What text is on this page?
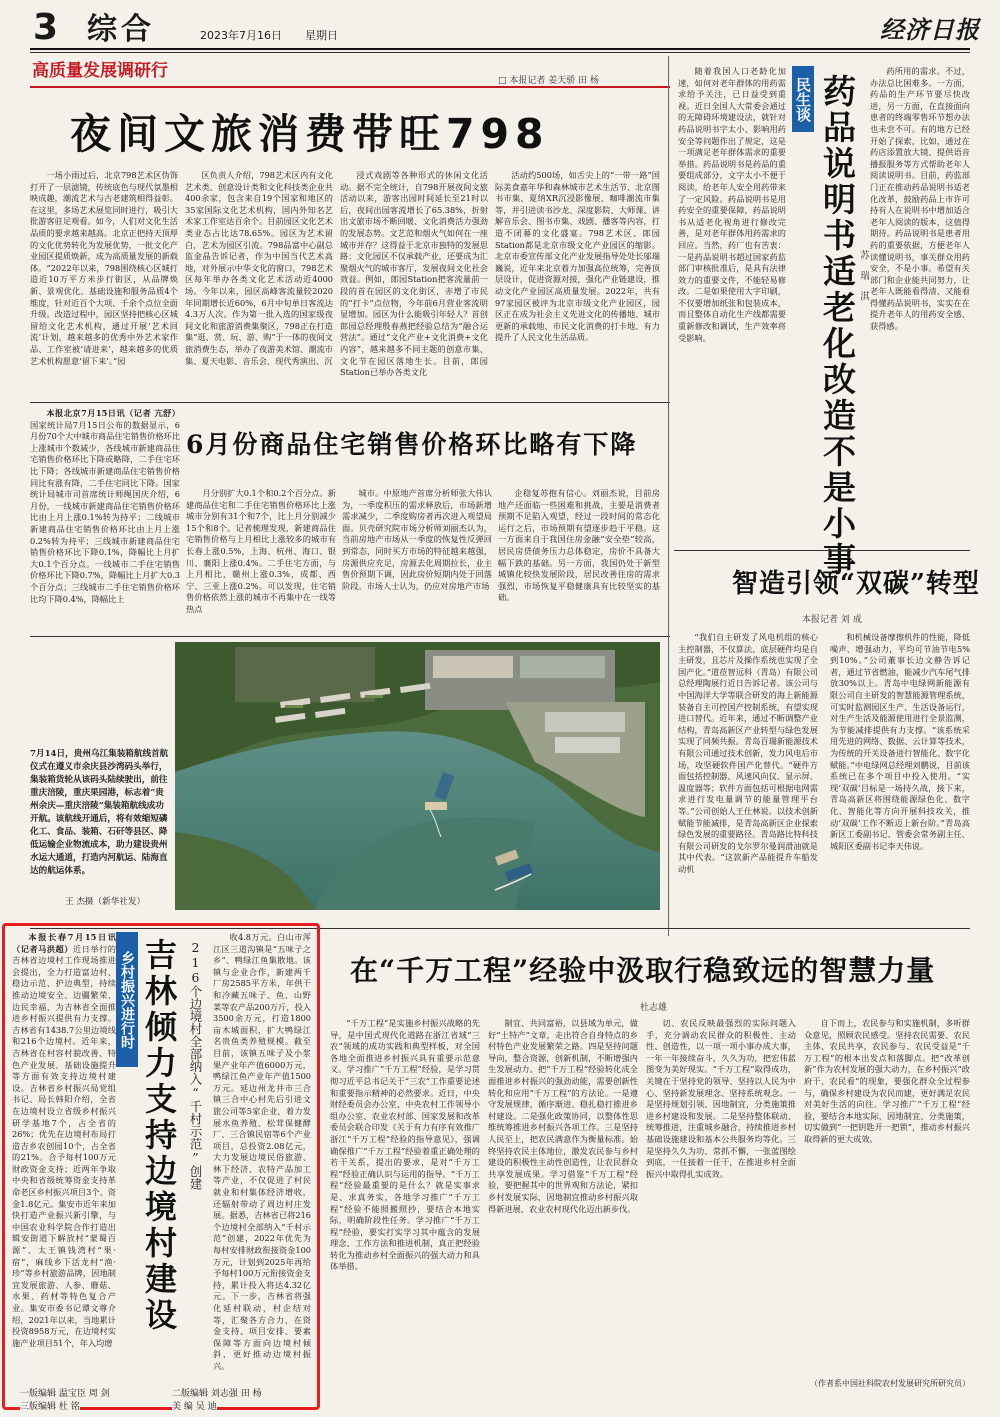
3 综合	2023年7月16日 星期日	经济日报
高质量发展调研行	□ 本报记者 姜天骄 田 杨
夜间文旅消费带旺798

一场小雨过后，北京798艺术区伪饰打开了一层滤镜，传统底色与现代氛墨相映成趣，潮流艺术与古老建筑相得益彰。在这里，多场艺术展览同时进行，吸引大批游客驻足观看。如今，人们对文化生活品质的要求越来越高。北京正把持天顶厚的文化优势转化为发展优势，一批文化产业园区提质焕新，成为高质量发展的新载体。“2022年以来，798围绕核心区城打造近10万平方米步行街区，从品牌焕新、景观优化、基础设施和服务品质4个维度，针对近百个大项、千余个点位全面升级。改造过程中，园区坚持把核心区城留给文化艺术机构，通过开展‘艺术回流’计划，越来越多的优秀中外艺术家作品、工作室被‘请进来’，越来越多的优质艺术机构愿意‘留下来’。”园

区负责人介绍，798艺术区内有文化艺术类、创意设计类和文化科技类企业共400余家，包含来自19个国家和地区的35家国际文化艺术机构，国内外知名艺术家工作室达百余个。目前园区文化艺术类业态占比达78.65%。园区为艺术留白，艺术为园区引流。798品富中心副总监金晶告诉记者，作为中国当代艺术高地，对外展示中华文化的窗口，798艺术区每年举办各类文化艺术活动近4000场。今年以来，园区高峰客流量较2020年同期增长近60%，6月中旬单日客流达4.3万人次。作为第一批入选的国家级夜间文化和旅游消费集聚区，798正在打造集“逛、赏、玩、游、购”于一体的夜间文旅消费生态，举办了夜游美术馆、潮流市集、夏天电影、音乐会、现代秀演出、沉

浸式戏剧等各种形式的休闲文化活动。据不完全统计，自798开展夜间文旅活动以来，游客出园时间延长至21时以后，夜间出园客流增长了65.38%，折射出文旅市场不断回暖、文化消费活力强劲的发展态势。文艺范和烟火气如何在一座城市并存？这得益于北京市独特的发展思路：文化园区不仅承载产业，还要成为汇聚烟火气的城市客厅，发展夜间文化社会效益。例如，郎园Station把客流量前一段的首在园区的文化街区，赤增了市民的“打卡”点位物，今年前6月营业客流明显增加。园区为什么能吸引年轻人？首创郎园总经理殷春燕把经验总结为“融合运营法”。通过“文化产业+文化消费+文化内容”，越来越多不同主题的创意市集、文化节在园区落地生长。目前，郎园Station已举办各类文化

活动约500场，如舌尖上的“一带一路”国际美食嘉年华和森林城市艺术生活节、北京图书市集、夏纳XR沉浸影像展、咖啡潮流市集等，并引进读书沙龙、深度影院、大师课、讲解音乐会、图书市集、戏剧、播客等内容，打造不闭幕的文化盛宴。798艺术区、郎园Station都是北京市级文化产业园区的缩影。北京市委宣传部文化产业发展指导处处长邬瑞巍说，近年来北京着力加强高位统筹，完善顶层设计，促进资源对接，强化产业链建设，推动文化产业园区高质量发展。2022年，共有97家园区被评为北京市级文化产业园区，园区正在成为社会主义先进文化的传播地、城市更新的承载地、市民文化消费的打卡地、有力提升了人民文化生活品质。

本报北京7月15日讯（记者 亢舒）国家统计局7月15日公布的数据显示，6月份70个大中城市商品住宅销售价格环比上涨城市个数减少，各线城市新建商品住宅销售价格环比下降或略降，二手住宅环比下降；各线城市新建商品住宅销售价格同比有涨有降，二手住宅同比下降。国家统计局城市司首席统计师绳国庆介绍，6月份，一线城市新建商品住宅销售价格环比由上月上涨0.1%转为持平；二线城市新建商品住宅销售价格环比由上月上涨0.2%转为持平；三线城市新建商品住宅销售价格环比下降0.1%，降幅比上月扩大0.1个百分点。一线城市二手住宅销售价格环比下降0.7%，降幅比上月扩大0.3个百分点；三线城市二手住宅销售价格环比均下降0.4%，降幅比上

6月份商品住宅销售价格环比略有下降

月分别扩大0.1个和0.2个百分点。新建商品住宅和二手住宅销售价格环比上涨城市分别有31个和7个，比上月分别减少15个和8个。记者梳理发现，新建商品住宅销售价格与上月相比上涨较多的城市有长春上涨0.5%，上海、杭州、海口、银川、襄阳上涨0.4%。二手住宅方面，与上月相比，赣州上涨0.3%，成都、西宁、三亚上涨0.2%。可以发现，住宅销售价格依然上涨的城市不再集中在一线等热点

城市。中原地产首席分析师张大伟认为，一季度积压的需求释放后，市场新增需求减少，二季度购房者再次进入观望局面。贝壳研究院市场分析师刘丽杰认为，当前房地产市场从一季度的恢复性反弹回到常态，同时买方市场的特征越来越强，房源供应充足，房源去化周期拉长，业主售价预期下调，因此房价短期内处于回落阶段。市场人士认为，仍应对房地产市场

企稳复苏抱有信心。刘丽杰说，目前房地产还面临一些困难和挑战，主要是消费者预期不足陷入观望，经过一段时间的常态化运行之后，市场预期有望逐步趋于平稳。这一方面来自于我国住房金融“安全垫”较高，居民房贷债务压力总体稳定，房价不具备大幅下跌的基础。另一方面，我国仍处于新型城镇化较快发展阶段，居民改善住房的需求强烈，市场恢复平稳健康具有比较坚实的基础。

7月14日，贵州乌江集装箱航线首航仪式在遵义市余庆县沙湾码头举行，集装箱货轮从该码头陆续驶出，前往重庆涪陵，重庆果园港，标志着“贵州余庆—重庆涪陵”集装箱航线成功开航。该航线开通后，将有效缩短磷化工、食品、装箱、石矸等县区、降低运输企业物流成本，助力建设贵州水运大通道，打造内河航运、陆海直达的航运体系。
王 杰摄（新华社发）

随着我国人口老龄化加速，如何对老年群体的用药需求给予关注，已日益受到重视。近日全国人大常委会通过的无障碍环境建设法，就针对药品说明书字太小、影响用药安全等问题作出了规定，这是一项满足老年群体需求的重要举措。药品说明书是药品的重要组成部分，文字太小不便于阅读，给老年人安全用药带来了一定风险。药品说明书是用药安全的重要保障，药品说明书从适老化视角进行修改完善，是对老年群体用药需求的回应。当然，药厂也有苦衷：一是药品说明书超过国家药监部门审核批准后，是具有法律效力的重要文件，不能轻易修改。二是如果使用大字印刷，不仅要增加纸张和包装成本，而且整体自动化生产线都需要重新修改和调试，生产效率将受影响。

民生谈
苏 瑞 淇
药品说明书适老化改造不是小事

药所用的需求。不过，办法总比困难多。一方面，药品的生产环节要尽快改进，另一方面，在直接面向患者的终端零售环节想办法也未尝不可。有的地方已经开始了探索，比如，通过在药店添置放大镜、提供语音播报服务等方式帮助老年人阅读说明书。目前，药监部门正在推动药品说明书适老化改革，鼓励药品上市许可持有人在说明书中增加适合老年人阅读的版本，这值得期待。药品说明书是患者用药的重要依据，方便老年人读懂说明书，事关群众用药安全，不是小事。希望有关部门和企业能共同努力，让老年人既能看得清、又能看得懂药品说明书，实实在在提升老年人的用药安全感、获得感。

智造引领“双碳”转型
本报记者 刘 成

“我们自主研发了风电机组的核心主控制器，不仅算法、底层硬件均是自主研发，且芯片及操作系统也实现了全国产化。”道莅智远科（青岛）有限公司总经理陶展行近日告诉记者。该公司与中国海洋大学等联合研发的海上新能源装备自主可控国产控制系统，有望实现进口替代。近年来，通过不断调整产业结构，青岛高新区产业转型与绿色发展实现了同频共振。青岛百瑞新能源技术有限公司通过技术创新，发力风电后市场，攻坚硬软件国产化替代。“硬件方面包括控制器、风速风向仪、显示屏、温度器等；软件方面包括可根据电网需求进行发电量调节的能量管理平台等。”公司创始人王仕林说。以技术创新赋能节能减排，是青岛高新区企业探索绿色发展的重要路径。青岛路比特科技有限公司研发的戈尔罗尔曼润滑油就是其中代表。“这款新产品能提升车船发动机

和机械设备摩擦机件的性能，降低噪声、增强动力，平均可节油节电5%到10%。”公司董事长边文静告诉记者，通过节省燃油，能减少汽车尾气排放30%以上。青岛中电绿网新能源有限公司自主研发的智慧能源管理系统，可实时监测园区生产、生活设备运行，对生产生活及能源使用进行全景监测，为节能减排提供有力支撑。“该系统采用先进的网络、数据、云计算等技术，为传统的开关设备进行智能化、数字化赋能。”中电绿网总经理刘鹏说，目前该系统已在多个项目中投入使用。“实现‘双碳’目标是一场持久战，接下来，青岛高新区将围绕能源绿色化、数字化、智能化等方向开展科技攻关，推动‘双碳’工作不断迈上新台阶。”青岛高新区工委副书记、管委会常务副主任、城阳区委副书记李天伟说。

本报长春7月15日讯（记者马洪超）近日举行的吉林省边境村工作现场推进会提出，全力打造富边村、稳边示范、护边典型，持续推动边境安全、边疆繁荣、边民幸福，为吉林省全面推进乡村振兴提供有力支撑。吉林省有1438.7公里边境线和216个边境村。近年来，吉林省在村容村貌改善、特色产业发展、基础设施提升等方面有效支持边境村建设。吉林省乡村振兴局党组书记、局长韩阳介绍，全省在边境村设立省级乡村振兴研学基地7个，占全省的26%；优先在边境村布局打造吉乡农创园10个，占全省的21%。合予每村100万元财政资金支持；近两年争取中央和省级统筹资金支持革命老区乡村振兴项目3个、资金1.8亿元。集安市近年来加快打造产业振兴新引擎，与中国农业科学院合作打造出辑安街道下解放村“蒙蜀百源”、太王镇钱湾村“果·宿”，麻线乡下活龙村“渔·珍”等乡村旅游品牌，因地制宜发展旅游、人参、蘑菇、水果、药材等特色复合产业。集安市委书记谭文尊介绍，2021年以来，当地累计投资8958万元，在边境村实施产业项目51个，年入均增

乡村振兴进行时 吉林倾力支持边境村建设 216个边境村全部纳入“千村示范”创建

收4.8万元。白山市浑江区三道沟镇是“五味子之乡”、鸭绿江鱼集散地。该镇与企业合作，新建两千厂房2585平方米，年供干和冷藏五味子、鱼、山野菜等农产品200万斤，投入3500余万元，打造1800亩木城面积，扩大鸭绿江名贵鱼类养殖规模。截至目前，该镇五味子及小浆果产业年产值6000万元，鸭绿江鱼产业年产值1500万元。延边州龙井市三合镇三合中心村先后引进文旅公司等5家企业，着力发展水鱼养殖、松茸保健酵厂、三合镇民宿等6个产业项目，总投资2.08亿元，大力发展边境民俗旅游、林下经济、农特产品加工等产业，不仅促进了村民就业和村集体经济增收，还辐射带动了周边村庄发展。据悉，吉林省已将216个边境村全部纳入“千村示范”创建，2022年优先为每村安排财政衔接资金100万元，计划到2025年再给予每村100万元衔接资金支持，累计投入将达4.32亿元。下一步，吉林省将强化延村联动，村企结对等，汇聚各方合力，在资金支持、项目安排、要素保障等方面向边境村倾斜，更好推动边境村振兴。

在“千万工程”经验中汲取行稳致远的智慧力量
杜志雄

“千万工程”是实施乡村振兴战略的先导，是中国式现代化道路在浙江省域“三农”领域的成功实践和典型样板，对全国各地全面推进乡村振兴具有重要示范意义。学习推广“千万工程”经验，是学习贯彻习近平总书记关于“三农”工作重要论述和重要指示精神的必然要求。近日，中央财经委员会办公室、中央农村工作领导小组办公室、农业农村部、国家发展和改革委员会联合印发《关于有力有序有效推广浙江“千万工程”经验的指导意见》，强调确保推广“千万工程”经验着重正确处理的若干关系，提出的要求，是对“千万工程”经验正确认识与运用的指导。“千万工程”经验最重要的是什么？就是实事求是、求真务实，各地学习推广“千万工程”经验不能照搬照抄，要结合本地实际，明确阶段性任务。学习推广“千万工程”经验，要实打实学习其中蕴含的发展理念、工作方法和推进机制，真正把经验转化为推动乡村全面振兴的强大动力和具体举措。

制宜、共同富裕，以县域为单元，做好“土特产”文章，走出符合自身特点的乡村特色产业发展繁荣之路。四是坚持问题导向，整合资源，创新机制，不断增强内生发展动力。把“千万工程”经验转化成全面推进乡村振兴的强劲动能，需要创新性转化和应用“千万工程”的方法论。一是遵守发展规律，循序渐进、稳扎稳打推进乡村建设。二是强化政策协同，以整体性思维统筹推进乡村振兴各项工作。三是坚持人民至上，把农民满意作为衡量标准。始终坚持农民主体地位，激发农民参与乡村建设的积极性主动性创造性，让农民群众共享发展成果。学习借鉴“千万工程”经验，要把握其中的世界观和方法论，紧扣乡村发展实际，因地制宜推动乡村振兴取得新进展、农业农村现代化迈出新步伐。

切、农民反映最强烈的实际问题入手，充分调动农民群众的积极性、主动性、创造性，以一项一项小事办成大事，一年一年接续奋斗，久久为功，把宏伟蓝图变为美好现实。“千万工程”取得成功，关键在于坚持党的领导、坚持以人民为中心、坚持新发展理念、坚持系统观念。一是坚持规划引领、因地制宜，分类施策推进乡村建设和发展。二是坚持整体联动、统筹推进，注重城乡融合，持续推进乡村基础设施建设和基本公共服务均等化。三是坚持久久为功、常抓不懈，一张蓝图绘到底，一任接着一任干，在推进乡村全面振兴中取得扎实成效。

自下而上，农民参与和实施机制，多听群众意见，照顾农民感受。坚持农民需要、农民主体、农民共享，农民参与、农民受益是“千万工程”的根本出发点和落脚点。把“改革创新”作为农村发展的强大动力，在乡村振兴“政府干、农民看”的现象，要强化群众全过程参与，确保乡村建设为农民而建，更好满足农民对美好生活的向往。学习推广“千万工程”经验，要结合本地实际，因地制宜、分类施策，切实做到“一把钥匙开一把锁”，推动乡村振兴取得新的更大成效。

（作者系中国社科院农村发展研究所研究员）
一版编辑 温宝臣 周 剑
三版编辑 杜 铭
二版编辑 刘志强 田 杨
美 编 吴 迪
